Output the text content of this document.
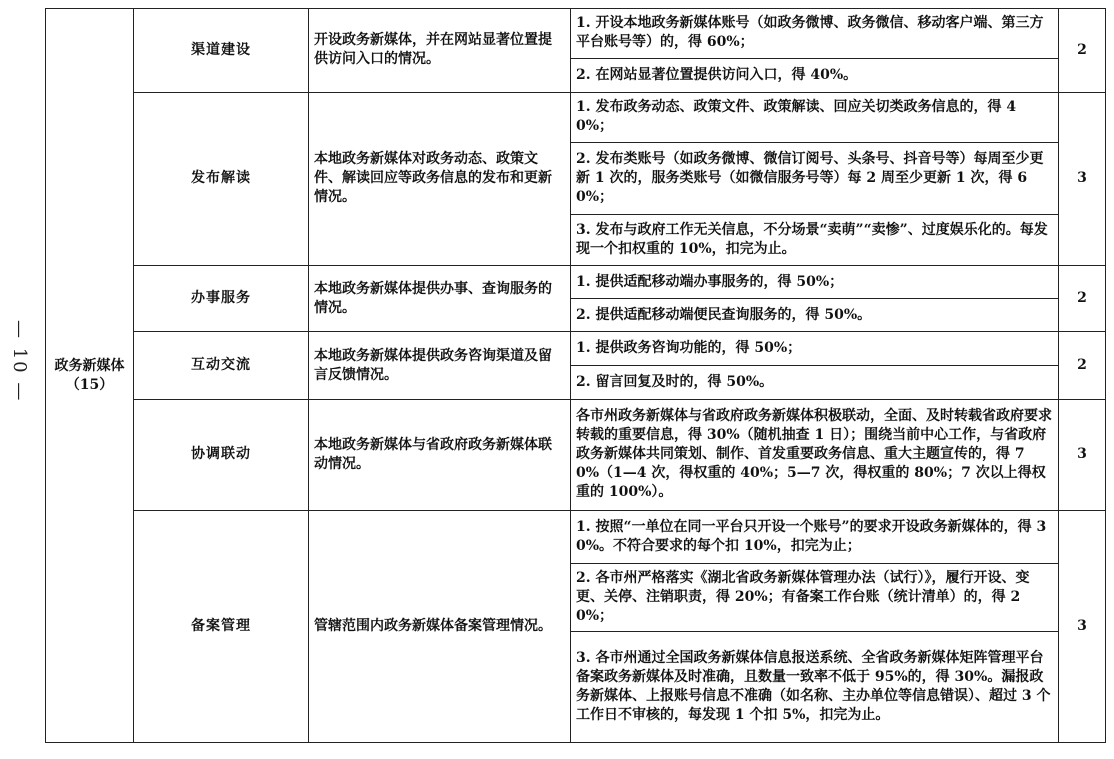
— 10 — 政务新媒体
（15）	渠道建设	开设政务新媒体，并在网站显著位置提供访问入口的情况。	1. 开设本地政务新媒体账号（如政务微博、政务微信、移动客户端、第三方平台账号等）的，得 60%；	2
			2. 在网站显著位置提供访问入口，得 40%。	
	发布解读	本地政务新媒体对政务动态、政策文件、解读回应等政务信息的发布和更新情况。	1. 发布政务动态、政策文件、政策解读、回应关切类政务信息的，得 40%；	3
			2. 发布类账号（如政务微博、微信订阅号、头条号、抖音号等）每周至少更新 1 次的，服务类账号（如微信服务号等）每 2 周至少更新 1 次，得 60%；	
			3. 发布与政府工作无关信息，不分场景“卖萌”“卖惨”、过度娱乐化的。每发现一个扣权重的 10%，扣完为止。	
	办事服务	本地政务新媒体提供办事、查询服务的情况。	1. 提供适配移动端办事服务的，得 50%；	2
			2. 提供适配移动端便民查询服务的，得 50%。	
	互动交流	本地政务新媒体提供政务咨询渠道及留言反馈情况。	1. 提供政务咨询功能的，得 50%；	2
			2. 留言回复及时的，得 50%。	
	协调联动	本地政务新媒体与省政府政务新媒体联动情况。	各市州政务新媒体与省政府政务新媒体积极联动，全面、及时转载省政府要求转载的重要信息，得 30%（随机抽查 1 日）；围绕当前中心工作，与省政府政务新媒体共同策划、制作、首发重要政务信息、重大主题宣传的，得 70%（1—4 次，得权重的 40%；5—7 次，得权重的 80%；7 次以上得权重的 100%）。	3
	备案管理	管辖范围内政务新媒体备案管理情况。	1. 按照“一单位在同一平台只开设一个账号”的要求开设政务新媒体的，得 30%。不符合要求的每个扣 10%，扣完为止；	3
			2. 各市州严格落实《湖北省政务新媒体管理办法（试行）》，履行开设、变更、关停、注销职责，得 20%；有备案工作台账（统计清单）的，得 20%；	
			3. 各市州通过全国政务新媒体信息报送系统、全省政务新媒体矩阵管理平台备案政务新媒体及时准确，且数量一致率不低于 95%的，得 30%。漏报政务新媒体、上报账号信息不准确（如名称、主办单位等信息错误）、超过 3 个工作日不审核的，每发现 1 个扣 5%，扣完为止。	
